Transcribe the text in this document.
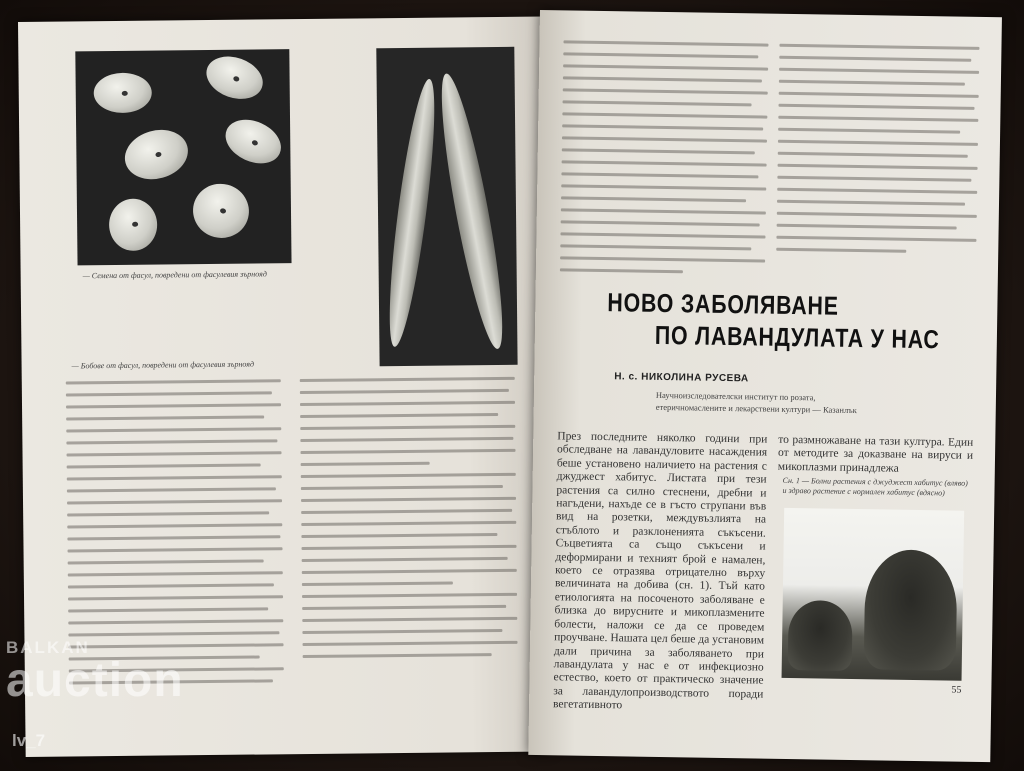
— Семена от фасул, повредени от фасулевия зърнояд
— Бобове от фасул, повредени от фасулевия зърнояд
НОВО ЗАБОЛЯВАНЕ
ПО ЛАВАНДУЛАТА У НАС
Н. с. НИКОЛИНА РУСЕВА
Научноизследователски институт по розата,
етеричномаслените и лекарствени култури — Казанлък
През последните няколко години при обследване на лавандуловите насаждения беше установено наличието на растения с джуджест хабитус. Листата при тези растения са силно стеснени, дребни и нагъдени, нахъде се в гъсто струпани във вид на розетки, междувъзлията на стъблото и разклоненията съкъсени. Съцветията са също съкъсени и деформирани и техният брой е намален, което се отразява отрицателно върху величината на добива (сн. 1). Тъй като етиологията на посоченото заболяване е близка до вирусните и микоплазмените болести, наложи се да се проведем проучване. Нашата цел беше да установим дали причина за заболяването при лавандулата у нас е от инфекциозно естество, което от практическо значение за лавандулопроизводството поради вегетативното
то размножаване на тази култура. Един от методите за доказване на вируси и микоплазми принадлежа
Сн. 1 — Болни растения с джуджест хабитус (вляво) и здраво растение с нормален хабитус (вдясно)
55
BALKAN
auction
lv_7
